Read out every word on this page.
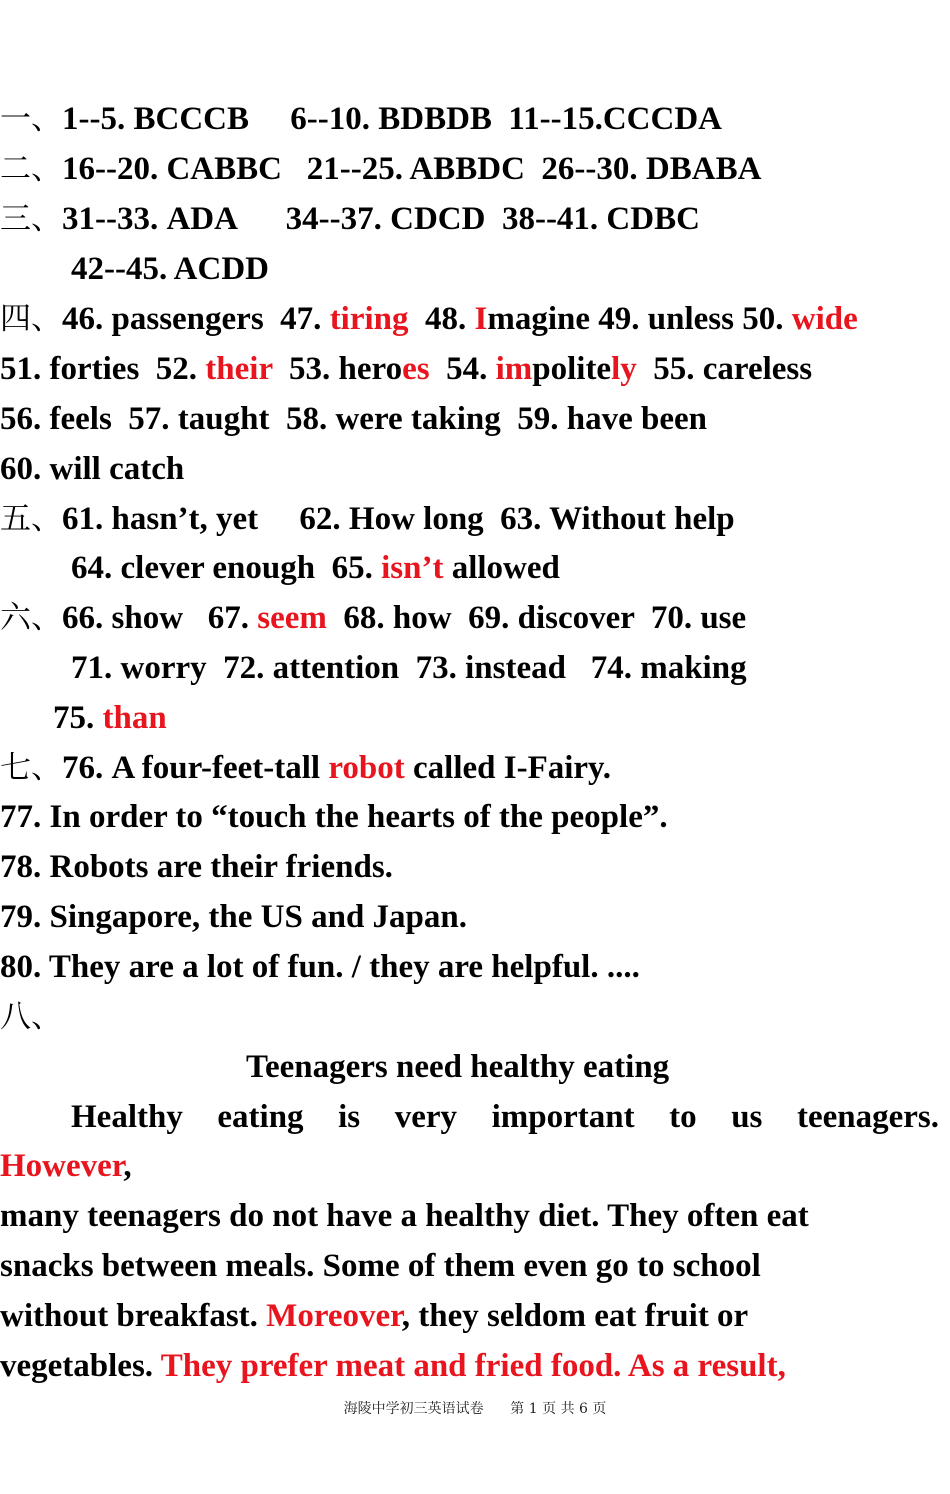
一、1--5. BCCCB     6--10. BDBDB  11--15.CCCDA
二、16--20. CABBC   21--25. ABBDC  26--30. DBABA
三、31--33. ADA      34--37. CDCD  38--41. CDBC
42--45. ACDD
四、46. passengers  47. tiring  48. Imagine 49. unless 50. wide
51. forties  52. their  53. heroes  54. impolitely  55. careless
56. feels  57. taught  58. were taking  59. have been
60. will catch
五、61. hasn’t, yet     62. How long  63. Without help
64. clever enough  65. isn’t allowed
六、66. show   67. seem  68. how  69. discover  70. use
71. worry  72. attention  73. instead   74. making
75. than
七、76. A four-feet-tall robot called I-Fairy.
77. In order to “touch the hearts of the people”.
78. Robots are their friends.
79. Singapore, the US and Japan.
80. They are a lot of fun. / they are helpful. ....
八、
Teenagers need healthy eating
However,
many teenagers do not have a healthy diet. They often eat
snacks between meals. Some of them even go to school
without breakfast. Moreover, they seldom eat fruit or
vegetables. They prefer meat and fried food. As a result,
Healthy eating is very important to us teenagers.
海陵中学初三英语试卷      第 1 页 共 6 页
